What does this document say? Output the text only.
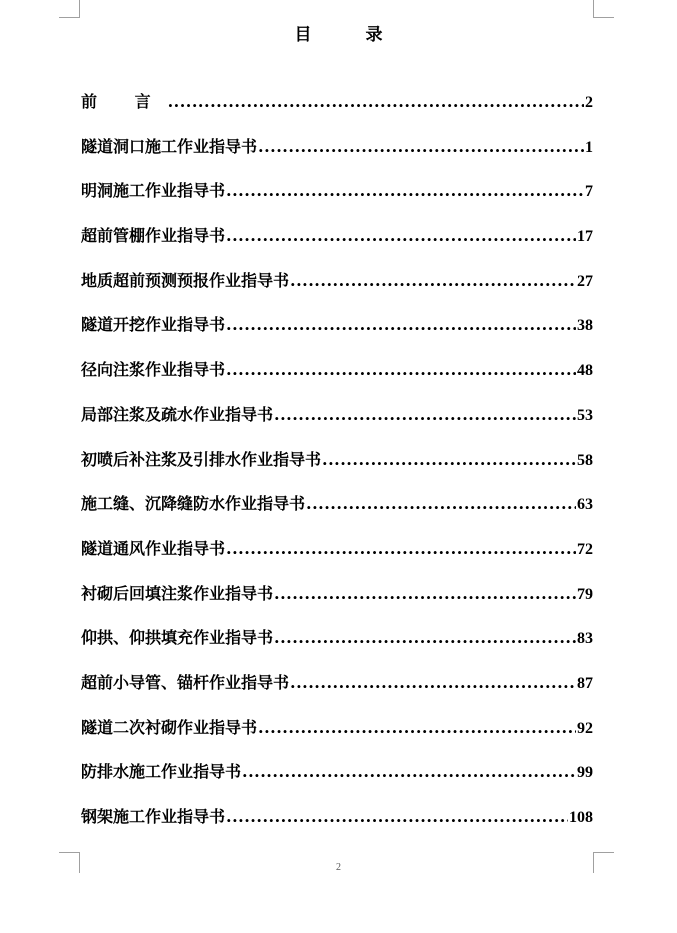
目 录
前 言 .....	2
隧道洞口施工作业指导书 .....	1
明洞施工作业指导书 .....	7
超前管棚作业指导书 .....	17
地质超前预测预报作业指导书 .....	27
隧道开挖作业指导书 .....	38
径向注浆作业指导书 .....	48
局部注浆及疏水作业指导书 .....	53
初喷后补注浆及引排水作业指导书 .....	58
施工缝、沉降缝防水作业指导书 .....	63
隧道通风作业指导书 .....	72
衬砌后回填注浆作业指导书 .....	79
仰拱、仰拱填充作业指导书 .....	83
超前小导管、锚杆作业指导书 .....	87
隧道二次衬砌作业指导书 .....	92
防排水施工作业指导书 .....	99
钢架施工作业指导书 .....	108
2
